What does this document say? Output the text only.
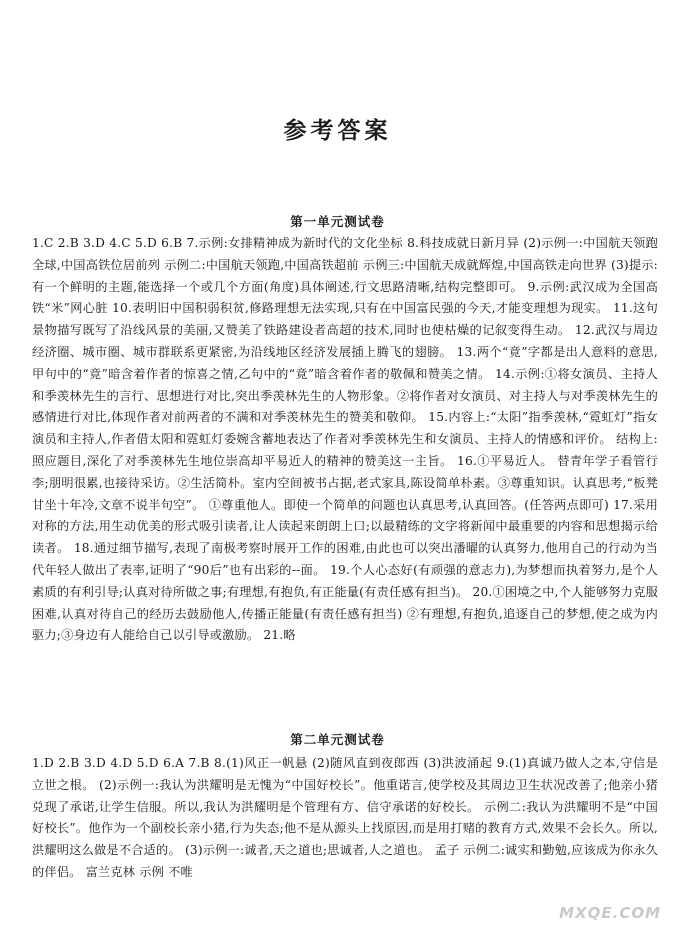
参考答案
第一单元测试卷
1.C 2.B 3.D 4.C 5.D 6.B 7.示例:女排精神成为新时代的文化坐标 8.科技成就日新月异 (2)示例一:中国航天领跑全球,中国高铁位居前列 示例二:中国航天领跑,中国高铁超前 示例三:中国航天成就辉煌,中国高铁走向世界 (3)提示:有一个鲜明的主题,能选择一个或几个方面(角度)具体阐述,行文思路清晰,结构完整即可。 9.示例:武汉成为全国高铁“米”网心脏 10.表明旧中国积弱积贫,修路理想无法实现,只有在中国富民强的今天,才能变理想为现实。 11.这句景物描写既写了沿线风景的美丽,又赞美了铁路建设者高超的技术,同时也使枯燥的记叙变得生动。 12.武汉与周边经济圈、城市圈、城市群联系更紧密,为沿线地区经济发展插上腾飞的翅膀。 13.两个“竟”字都是出人意料的意思,甲句中的“竟”暗含着作者的惊喜之情,乙句中的“竟”暗含着作者的敬佩和赞美之情。 14.示例:①将女演员、主持人和季羡林先生的言行、思想进行对比,突出季羡林先生的人物形象。②将作者对女演员、对主持人与对季羡林先生的感情进行对比,体现作者对前两者的不满和对季羡林先生的赞美和敬仰。 15.内容上:“太阳”指季羡林,“霓虹灯”指女演员和主持人,作者借太阳和霓虹灯委婉含蓄地表达了作者对季羡林先生和女演员、主持人的情感和评价。 结构上:照应题目,深化了对季羡林先生地位崇高却平易近人的精神的赞美这一主旨。 16.①平易近人。 替青年学子看管行李;朋明很累,也接待采访。②生活简朴。室内空间被书占据,老式家具,陈设简单朴素。③尊重知识。认真思考,“板凳甘坐十年冷,文章不说半句空”。 ①尊重他人。即使一个简单的问题也认真思考,认真回答。(任答两点即可) 17.采用对称的方法,用生动优美的形式吸引读者,让人读起来朗朗上口;以最精练的文字将新闻中最重要的内容和思想揭示给读者。 18.通过细节描写,表现了南极考察时展开工作的困难,由此也可以突出潘曜的认真努力,他用自己的行动为当代年轻人做出了表率,证明了“90后”也有出彩的--面。 19.个人心态好(有顽强的意志力),为梦想而执着努力,是个人素质的有利引导;认真对待所做之事;有理想,有抱负,有正能量(有责任感有担当)。 20.①困境之中,个人能够努力克服困难,认真对待自己的经历去鼓励他人,传播正能量(有责任感有担当) ②有理想,有抱负,追逐自己的梦想,使之成为内驱力;③身边有人能给自己以引导或激励。 21.略
第二单元测试卷
1.D 2.B 3.D 4.D 5.D 6.A 7.B 8.(1)风正一帆悬 (2)随风直到夜郎西 (3)洪波涌起 9.(1)真诚乃做人之本,守信是立世之根。 (2)示例一:我认为洪耀明是无愧为“中国好校长”。他重诺言,使学校及其周边卫生状况改善了;他亲小猪兑现了承诺,让学生信服。所以,我认为洪耀明是个管理有方、信守承诺的好校长。 示例二:我认为洪耀明不是“中国好校长”。他作为一个副校长亲小猪,行为失态;他不是从源头上找原因,而是用打赌的教育方式,效果不会长久。所以,洪耀明这么做是不合适的。 (3)示例一:诚者,天之道也;思诚者,人之道也。 孟子 示例二:诚实和勤勉,应该成为你永久的伴侣。 富兰克林 示例 不唯
MXQE.COM
